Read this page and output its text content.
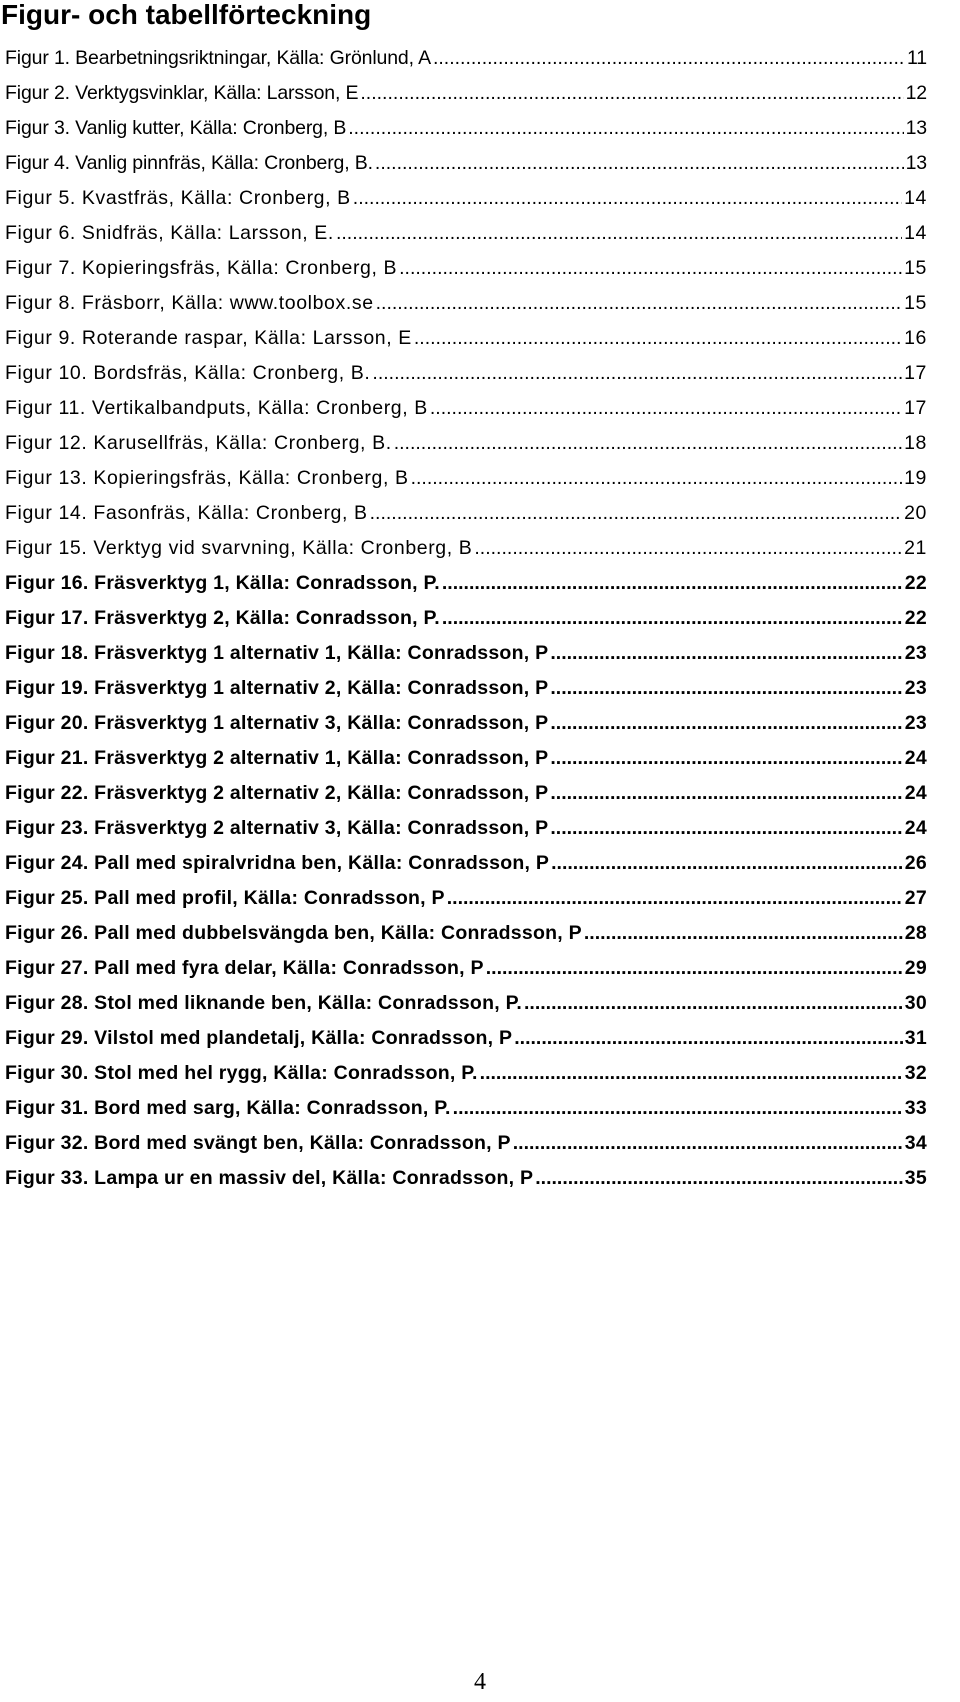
Figur- och tabellförteckning
Figur 1. Bearbetningsriktningar, Källa: Grönlund, A .....	11
Figur 2. Verktygsvinklar, Källa: Larsson, E .....	12
Figur 3. Vanlig kutter, Källa: Cronberg, B .....	13
Figur 4. Vanlig pinnfräs, Källa: Cronberg, B. .....	13
Figur 5. Kvastfräs, Källa: Cronberg, B .....	14
Figur 6. Snidfräs, Källa: Larsson, E. .....	14
Figur 7. Kopieringsfräs, Källa: Cronberg, B .....	15
Figur 8. Fräsborr, Källa: www.toolbox.se .....	15
Figur 9. Roterande raspar, Källa: Larsson, E .....	16
Figur 10. Bordsfräs, Källa: Cronberg, B. .....	17
Figur 11. Vertikalbandputs, Källa: Cronberg, B .....	17
Figur 12. Karusellfräs, Källa: Cronberg, B. .....	18
Figur 13. Kopieringsfräs, Källa: Cronberg, B .....	19
Figur 14. Fasonfräs, Källa: Cronberg, B .....	20
Figur 15. Verktyg vid svarvning, Källa: Cronberg, B .....	21
Figur 16. Fräsverktyg 1, Källa: Conradsson, P. .....	22
Figur 17. Fräsverktyg 2, Källa: Conradsson, P. .....	22
Figur 18. Fräsverktyg 1 alternativ 1, Källa: Conradsson, P .....	23
Figur 19. Fräsverktyg 1 alternativ 2, Källa: Conradsson, P .....	23
Figur 20. Fräsverktyg 1 alternativ 3, Källa: Conradsson, P .....	23
Figur 21. Fräsverktyg 2 alternativ 1, Källa: Conradsson, P .....	24
Figur 22. Fräsverktyg 2 alternativ 2, Källa: Conradsson, P .....	24
Figur 23. Fräsverktyg 2 alternativ 3, Källa: Conradsson, P .....	24
Figur 24. Pall med spiralvridna ben, Källa: Conradsson, P .....	26
Figur 25. Pall med profil, Källa: Conradsson, P .....	27
Figur 26. Pall med dubbelsvängda ben, Källa: Conradsson, P .....	28
Figur 27. Pall med fyra delar, Källa: Conradsson, P .....	29
Figur 28. Stol med liknande ben, Källa: Conradsson, P. .....	30
Figur 29. Vilstol med plandetalj, Källa: Conradsson, P .....	31
Figur 30. Stol med hel rygg, Källa: Conradsson, P. .....	32
Figur 31. Bord med sarg, Källa: Conradsson, P. .....	33
Figur 32. Bord med svängt ben, Källa: Conradsson, P .....	34
Figur 33. Lampa ur en massiv del, Källa: Conradsson, P .....	35
4
